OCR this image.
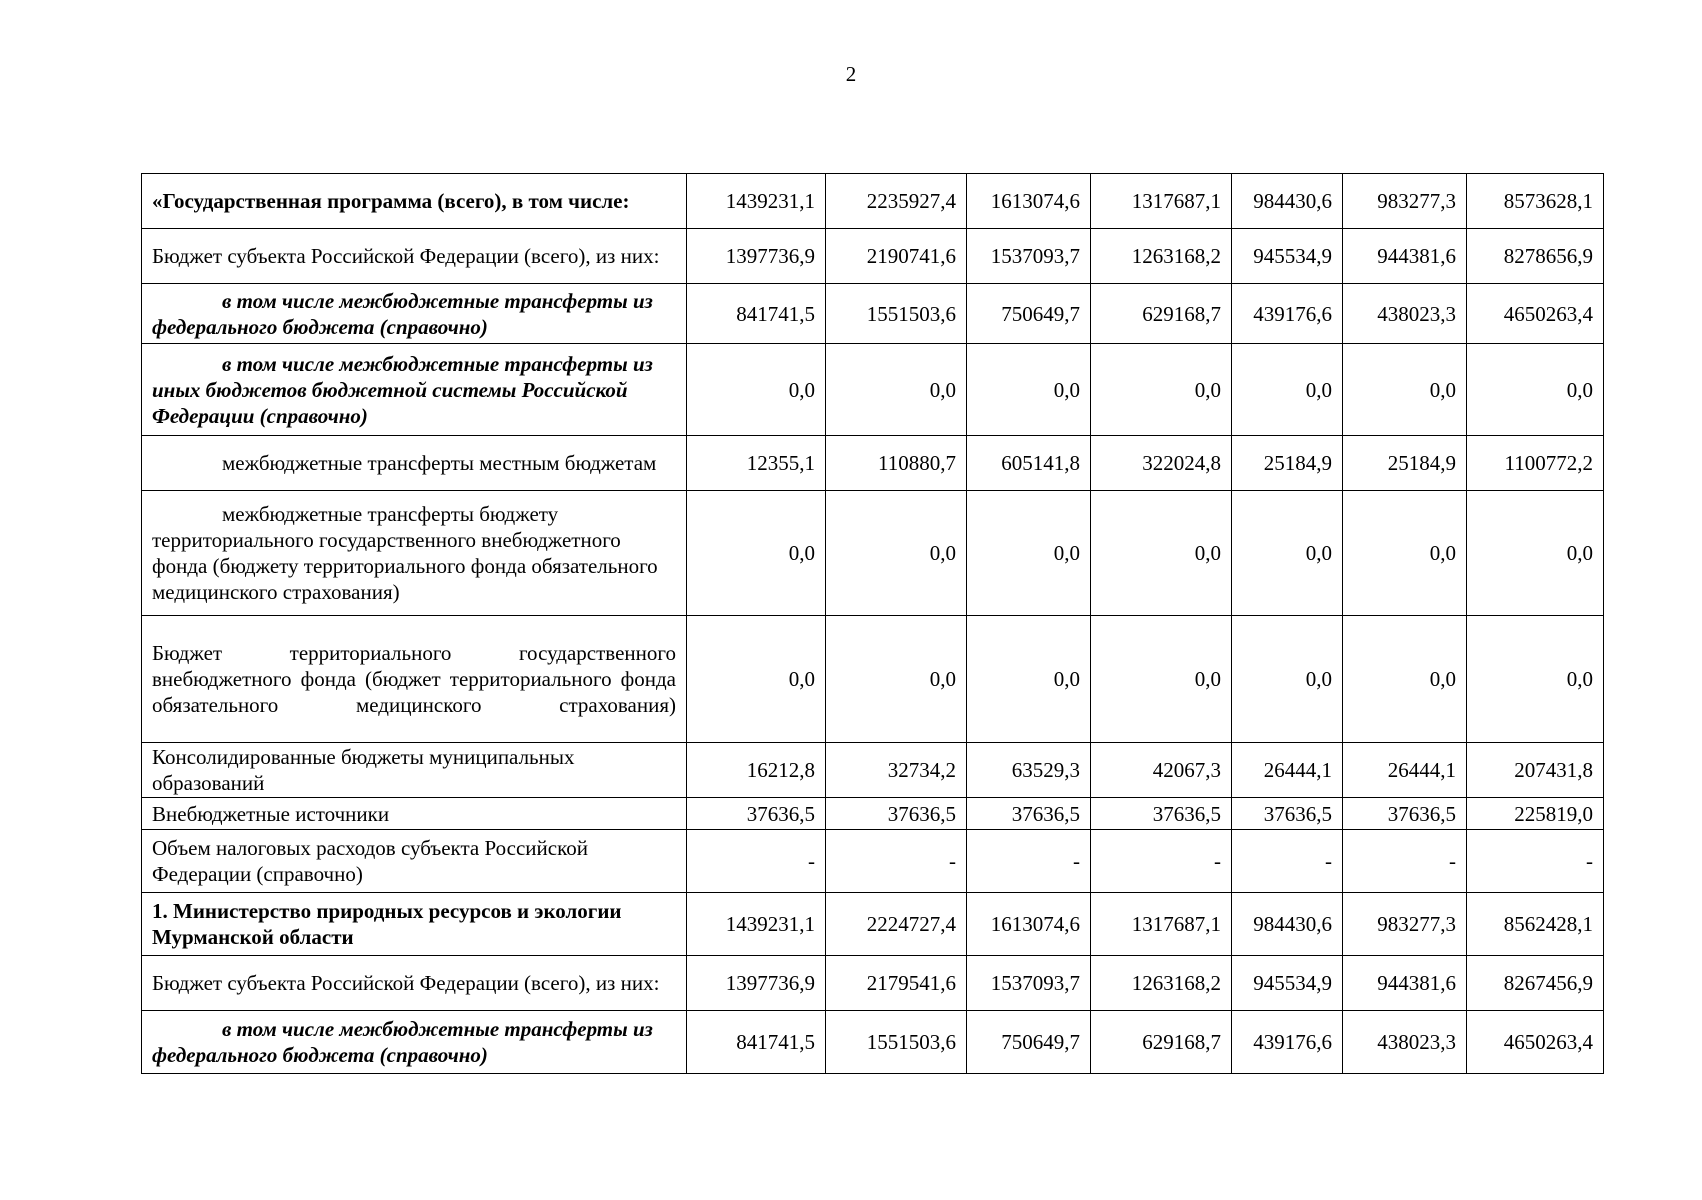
2
«Государственная программа (всего), в том числе:	1439231,1	2235927,4	1613074,6	1317687,1	984430,6	983277,3	8573628,1
Бюджет субъекта Российской Федерации (всего), из них:	1397736,9	2190741,6	1537093,7	1263168,2	945534,9	944381,6	8278656,9
в том числе межбюджетные трансферты из федерального бюджета (справочно)	841741,5	1551503,6	750649,7	629168,7	439176,6	438023,3	4650263,4
в том числе межбюджетные трансферты из иных бюджетов бюджетной системы Российской Федерации (справочно)	0,0	0,0	0,0	0,0	0,0	0,0	0,0
межбюджетные трансферты местным бюджетам	12355,1	110880,7	605141,8	322024,8	25184,9	25184,9	1100772,2
межбюджетные трансферты бюджету территориального государственного внебюджетного фонда (бюджету территориального фонда обязательного медицинского страхования)	0,0	0,0	0,0	0,0	0,0	0,0	0,0
Бюджет территориального государственного внебюджетного фонда (бюджет территориального фонда обязательного медицинского страхования)	0,0	0,0	0,0	0,0	0,0	0,0	0,0
Консолидированные бюджеты муниципальных образований	16212,8	32734,2	63529,3	42067,3	26444,1	26444,1	207431,8
Внебюджетные источники	37636,5	37636,5	37636,5	37636,5	37636,5	37636,5	225819,0
Объем налоговых расходов субъекта Российской Федерации (справочно)	-	-	-	-	-	-	-
1. Министерство природных ресурсов и экологии Мурманской области	1439231,1	2224727,4	1613074,6	1317687,1	984430,6	983277,3	8562428,1
Бюджет субъекта Российской Федерации (всего), из них:	1397736,9	2179541,6	1537093,7	1263168,2	945534,9	944381,6	8267456,9
в том числе межбюджетные трансферты из федерального бюджета (справочно)	841741,5	1551503,6	750649,7	629168,7	439176,6	438023,3	4650263,4
